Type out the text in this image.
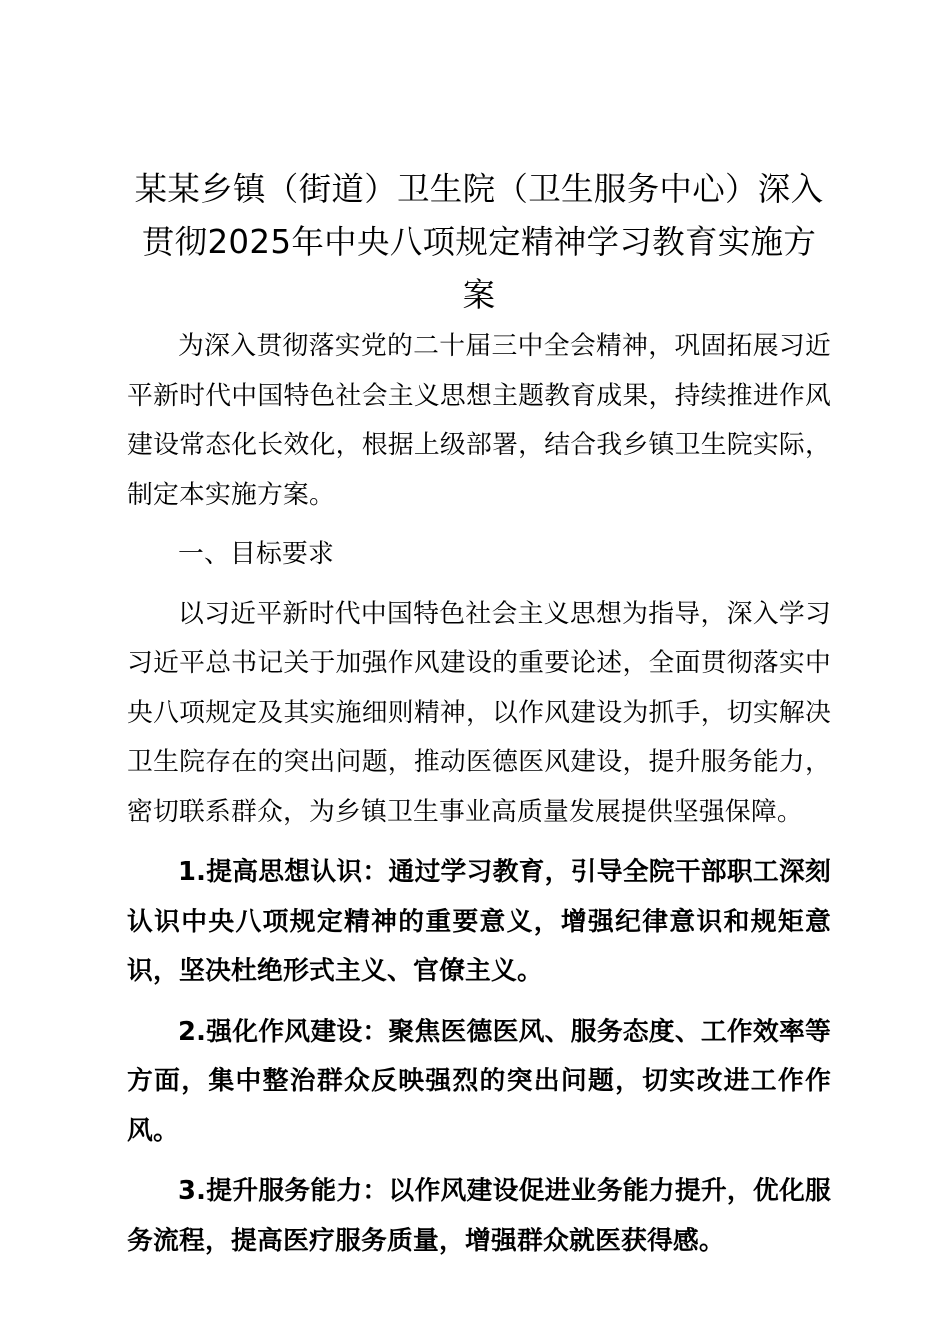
某某乡镇（街道）卫生院（卫生服务中心）深入贯彻2025年中央八项规定精神学习教育实施方案

为深入贯彻落实党的二十届三中全会精神，巩固拓展习近平新时代中国特色社会主义思想主题教育成果，持续推进作风建设常态化长效化，根据上级部署，结合我乡镇卫生院实际，制定本实施方案。

一、目标要求

以习近平新时代中国特色社会主义思想为指导，深入学习习近平总书记关于加强作风建设的重要论述，全面贯彻落实中央八项规定及其实施细则精神，以作风建设为抓手，切实解决卫生院存在的突出问题，推动医德医风建设，提升服务能力，密切联系群众，为乡镇卫生事业高质量发展提供坚强保障。

1.提高思想认识：通过学习教育，引导全院干部职工深刻认识中央八项规定精神的重要意义，增强纪律意识和规矩意识，坚决杜绝形式主义、官僚主义。

2.强化作风建设：聚焦医德医风、服务态度、工作效率等方面，集中整治群众反映强烈的突出问题，切实改进工作作风。

3.提升服务能力：以作风建设促进业务能力提升，优化服务流程，提高医疗服务质量，增强群众就医获得感。
